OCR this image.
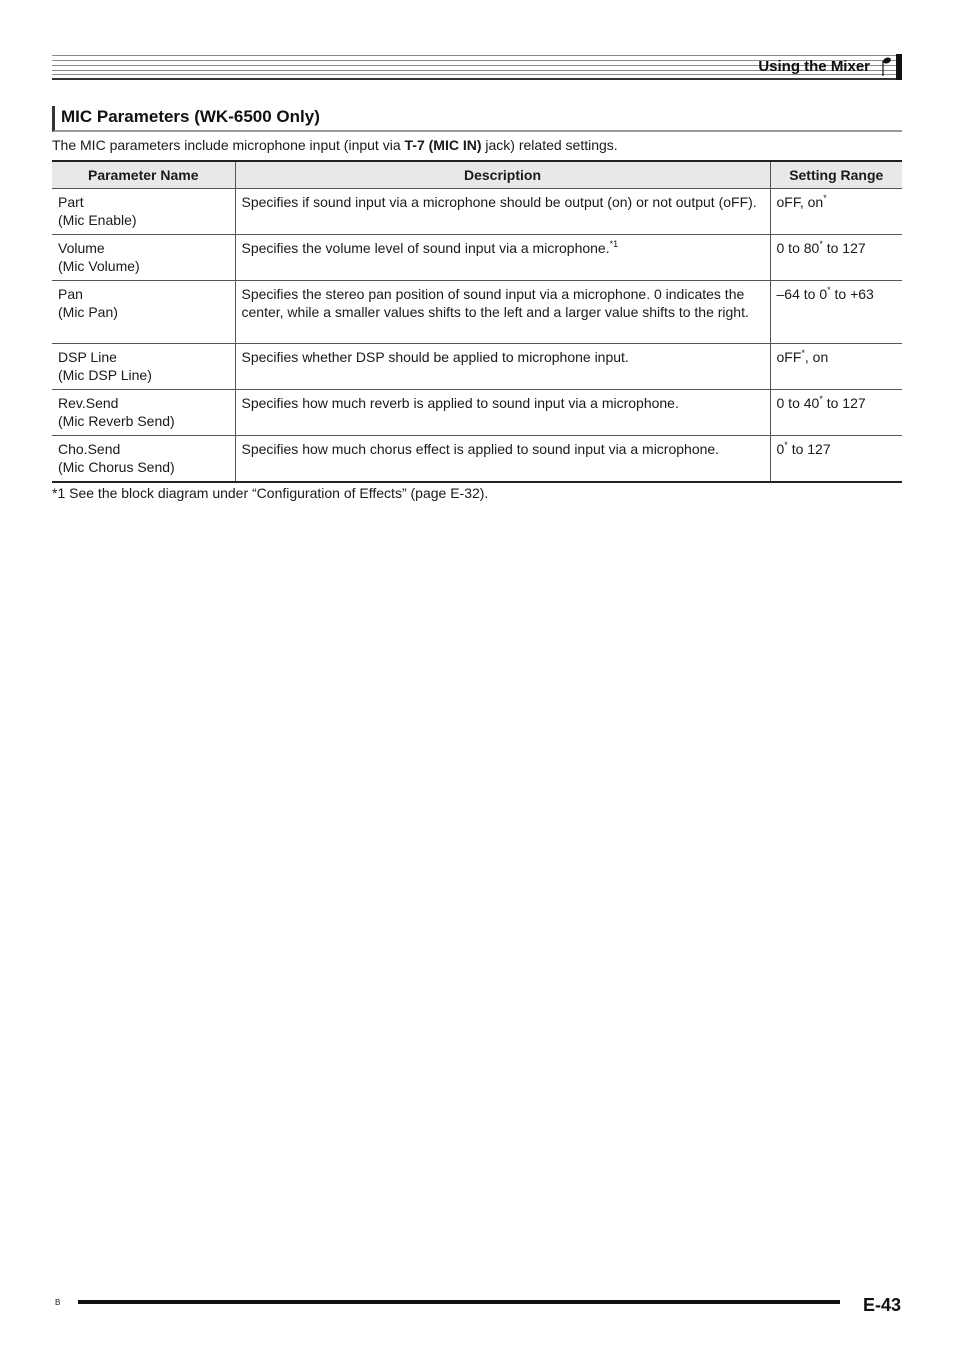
Using the Mixer
MIC Parameters (WK-6500 Only)

The MIC parameters include microphone input (input via T-7 (MIC IN) jack) related settings.

Parameter Name	Description	Setting Range
Part
(Mic Enable)	Specifies if sound input via a microphone should be output (on) or not output (oFF).	oFF, on*
Volume
(Mic Volume)	Specifies the volume level of sound input via a microphone.$^{*1}$	0 to 80* to 127
Pan
(Mic Pan)	Specifies the stereo pan position of sound input via a microphone. 0 indicates the center, while a smaller values shifts to the left and a larger value shifts to the right.	–64 to 0* to +63
DSP Line
(Mic DSP Line)	Specifies whether DSP should be applied to microphone input.	oFF*, on
Rev.Send
(Mic Reverb Send)	Specifies how much reverb is applied to sound input via a microphone.	0 to 40* to 127
Cho.Send
(Mic Chorus Send)	Specifies how much chorus effect is applied to sound input via a microphone.	0* to 127

*1 See the block diagram under “Configuration of Effects” (page E-32).

B	E-43
